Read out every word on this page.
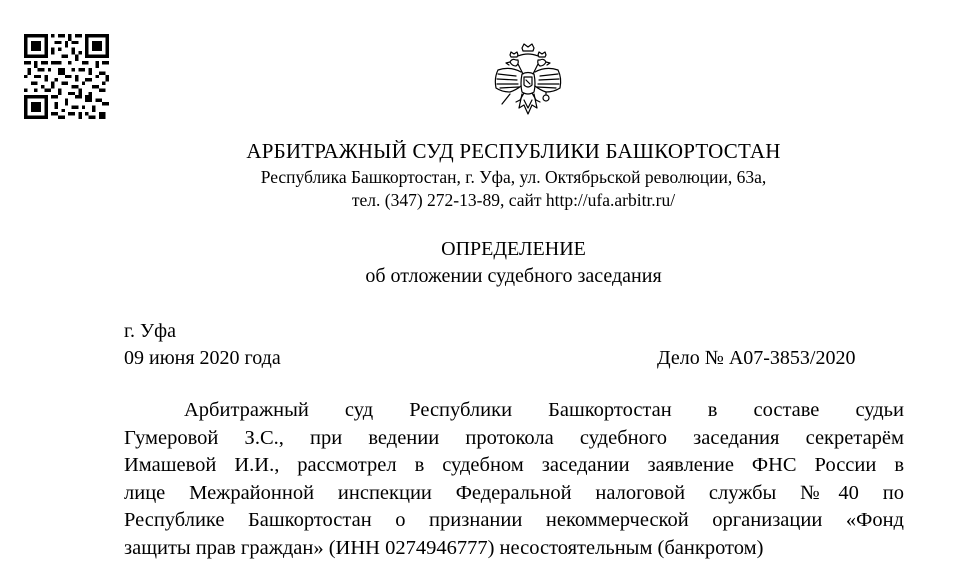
АРБИТРАЖНЫЙ СУД РЕСПУБЛИКИ БАШКОРТОСТАН
Республика Башкортостан, г. Уфа, ул. Октябрьской революции, 63а,
тел. (347) 272-13-89, сайт http://ufa.arbitr.ru/
ОПРЕДЕЛЕНИЕ
об отложении судебного заседания
г. Уфа
09 июня 2020 года	Дело № А07-3853/2020
Арбитражный суд Республики Башкортостан в составе судьи
Гумеровой З.С., при ведении протокола судебного заседания секретарём
Имашевой И.И., рассмотрел в судебном заседании заявление ФНС России в
лице Межрайонной инспекции Федеральной налоговой службы №40 по
Республике Башкортостан о признании некоммерческой организации «Фонд
защиты прав граждан» (ИНН 0274946777) несостоятельным (банкротом)
